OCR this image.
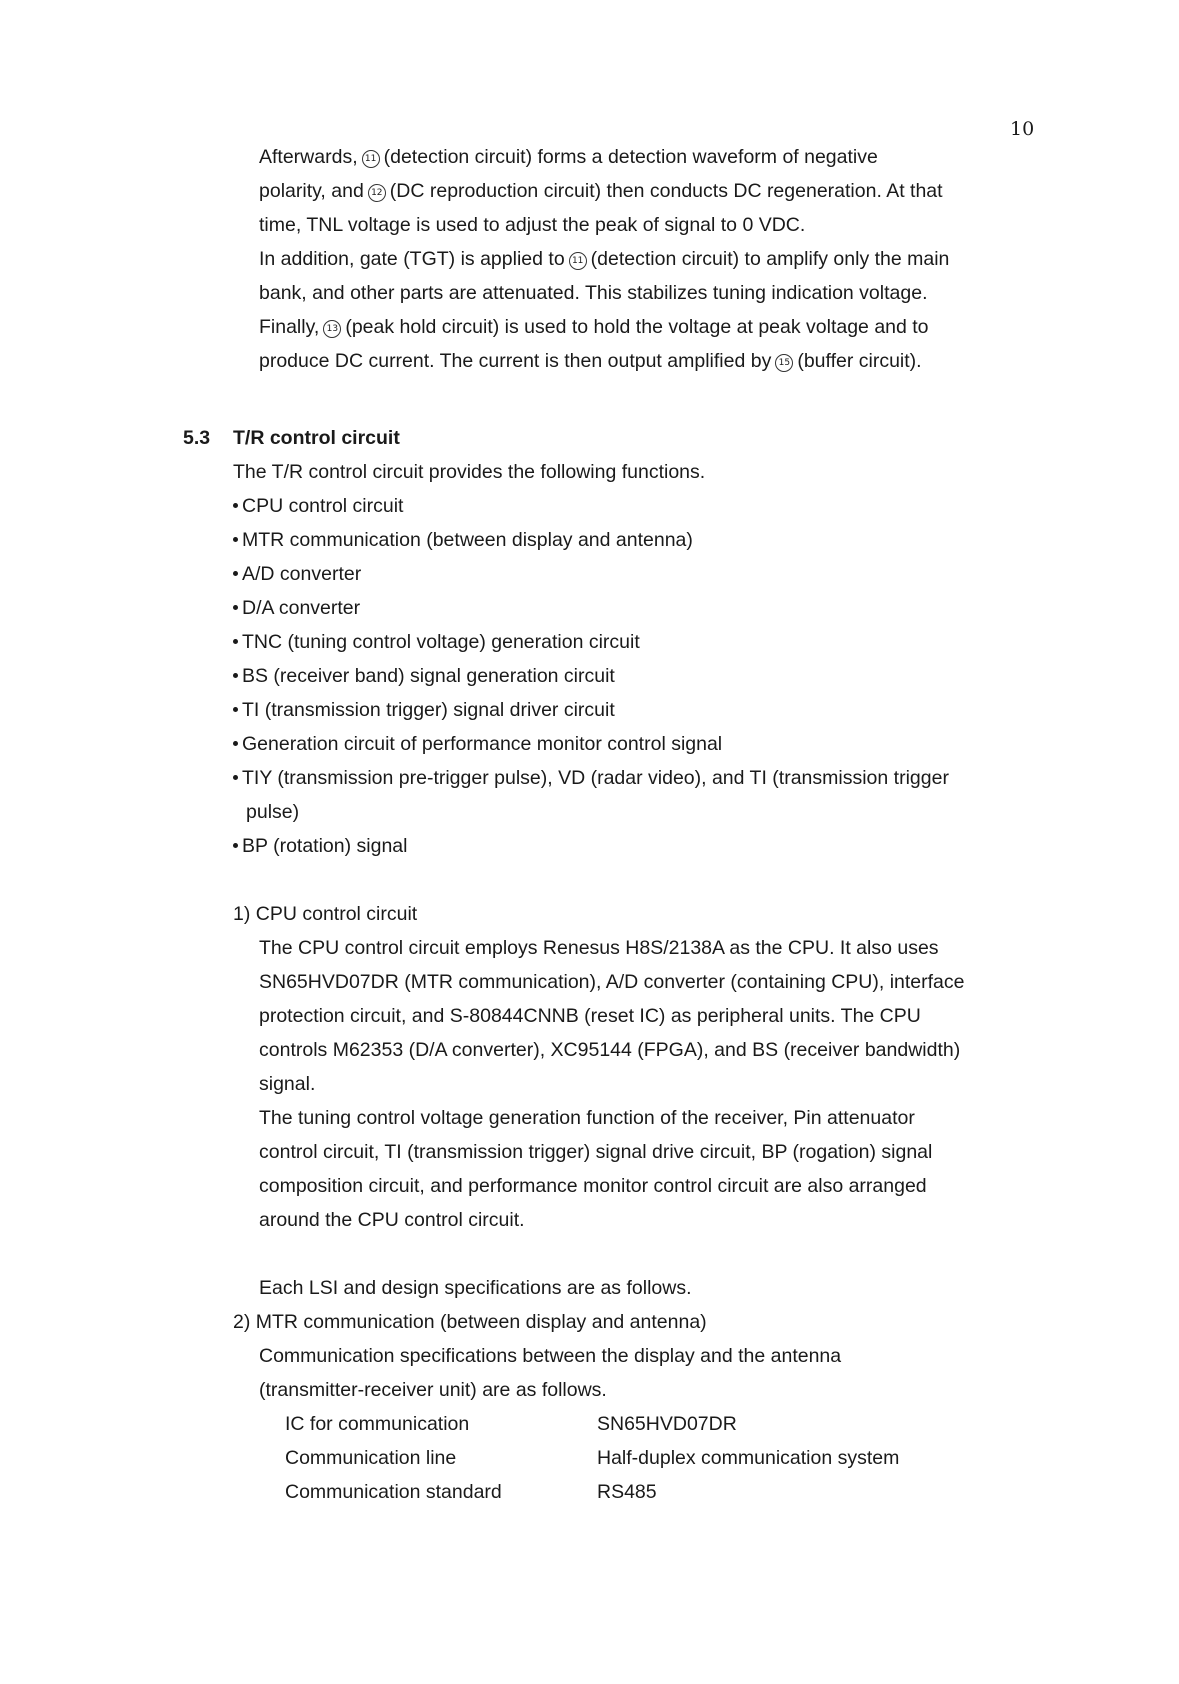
10
Afterwards, 11 (detection circuit) forms a detection waveform of negative
polarity, and 12 (DC reproduction circuit) then conducts DC regeneration. At that
time, TNL voltage is used to adjust the peak of signal to 0 VDC.
In addition, gate (TGT) is applied to 11 (detection circuit) to amplify only the main
bank, and other parts are attenuated. This stabilizes tuning indication voltage.
Finally, 13 (peak hold circuit) is used to hold the voltage at peak voltage and to
produce DC current. The current is then output amplified by 15 (buffer circuit).
5.3 T/R control circuit
The T/R control circuit provides the following functions.
CPU control circuit
MTR communication (between display and antenna)
A/D converter
D/A converter
TNC (tuning control voltage) generation circuit
BS (receiver band) signal generation circuit
TI (transmission trigger) signal driver circuit
Generation circuit of performance monitor control signal
TIY (transmission pre-trigger pulse), VD (radar video), and TI (transmission trigger
pulse)
BP (rotation) signal
1) CPU control circuit
The CPU control circuit employs Renesus H8S/2138A as the CPU. It also uses
SN65HVD07DR (MTR communication), A/D converter (containing CPU), interface
protection circuit, and S-80844CNNB (reset IC) as peripheral units. The CPU
controls M62353 (D/A converter), XC95144 (FPGA), and BS (receiver bandwidth)
signal.
The tuning control voltage generation function of the receiver, Pin attenuator
control circuit, TI (transmission trigger) signal drive circuit, BP (rogation) signal
composition circuit, and performance monitor control circuit are also arranged
around the CPU control circuit.
Each LSI and design specifications are as follows.
2) MTR communication (between display and antenna)
Communication specifications between the display and the antenna
(transmitter-receiver unit) are as follows.
IC for communication	SN65HVD07DR
Communication line	Half-duplex communication system
Communication standard	RS485
